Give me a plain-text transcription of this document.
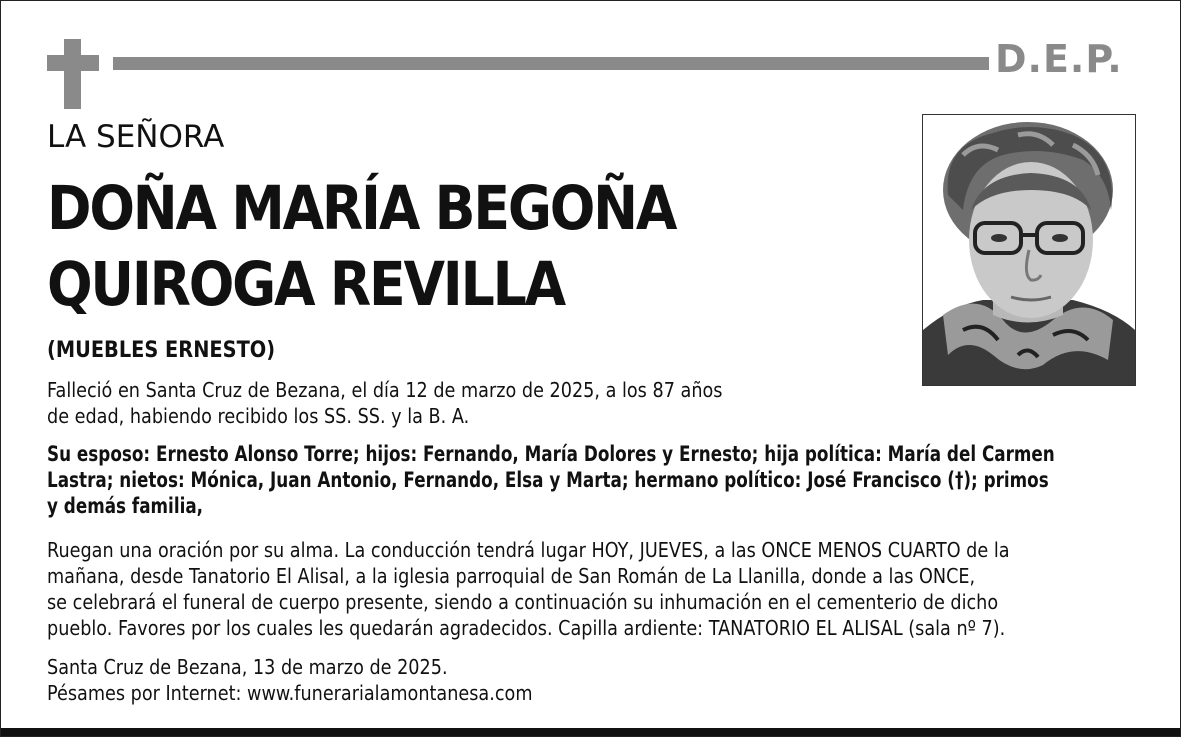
D.E.P.
LA SEÑORA
DOÑA MARÍA BEGOÑA
QUIROGA REVILLA
(MUEBLES ERNESTO)
Falleció en Santa Cruz de Bezana, el día 12 de marzo de 2025, a los 87 años
de edad, habiendo recibido los SS. SS. y la B. A.
Su esposo: Ernesto Alonso Torre; hijos: Fernando, María Dolores y Ernesto; hija política: María del Carmen
Lastra; nietos: Mónica, Juan Antonio, Fernando, Elsa y Marta; hermano político: José Francisco (†); primos
y demás familia,
Ruegan una oración por su alma. La conducción tendrá lugar HOY, JUEVES, a las ONCE MENOS CUARTO de la
mañana, desde Tanatorio El Alisal, a la iglesia parroquial de San Román de La Llanilla, donde a las ONCE,
se celebrará el funeral de cuerpo presente, siendo a continuación su inhumación en el cementerio de dicho
pueblo. Favores por los cuales les quedarán agradecidos. Capilla ardiente: TANATORIO EL ALISAL (sala nº 7).
Santa Cruz de Bezana, 13 de marzo de 2025.
Pésames por Internet: www.funerarialamontanesa.com
